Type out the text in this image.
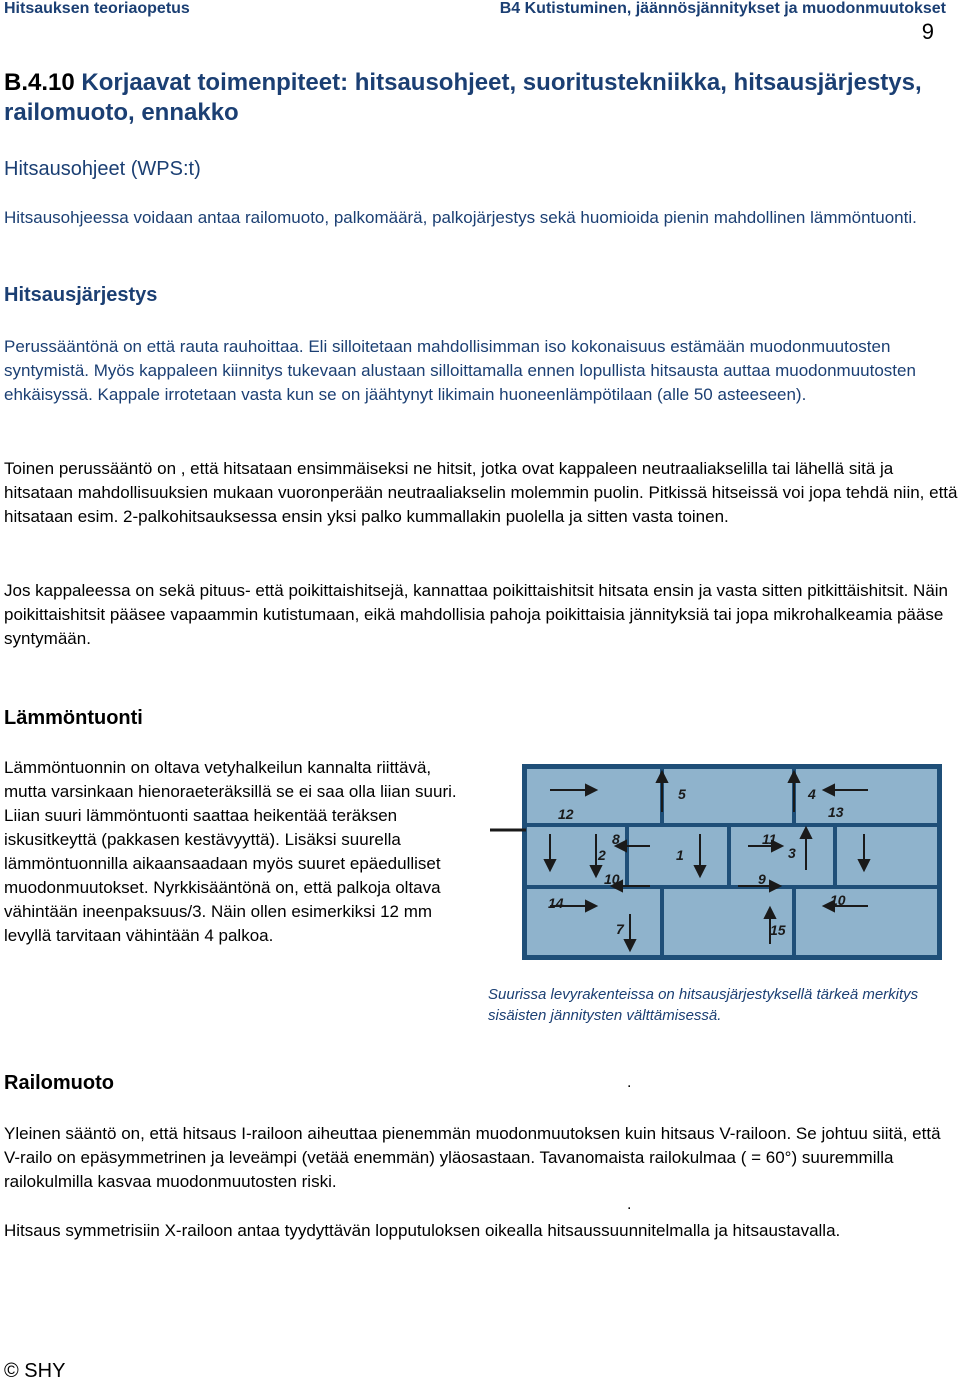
Hitsauksen teoriaopetus	B4 Kutistuminen, jäännösjännitykset ja muodonmuutokset
9
B.4.10 Korjaavat toimenpiteet: hitsausohjeet, suoritustekniikka, hitsausjärjestys, railomuoto, ennakko
Hitsausohjeet (WPS:t)
Hitsausohjeessa voidaan antaa railomuoto, palkomäärä, palkojärjestys sekä huomioida pienin mahdollinen lämmöntuonti.
Hitsausjärjestys
Perussääntönä on että rauta rauhoittaa. Eli silloitetaan mahdollisimman iso kokonaisuus estämään muodonmuutosten syntymistä. Myös kappaleen kiinnitys tukevaan alustaan silloittamalla ennen lopullista hitsausta auttaa muodonmuutosten ehkäisyssä. Kappale irrotetaan vasta kun se on jäähtynyt likimain huoneenlämpötilaan (alle 50 asteeseen).
Toinen perussääntö on , että hitsataan ensimmäiseksi ne hitsit, jotka ovat kappaleen neutraaliakselilla tai lähellä sitä ja hitsataan mahdollisuuksien mukaan vuoronperään neutraaliakselin molemmin puolin. Pitkissä hitseissä voi jopa tehdä niin, että hitsataan esim. 2-palkohitsauksessa ensin yksi palko kummallakin puolella ja sitten vasta toinen.
Jos kappaleessa on sekä pituus- että poikittaishitsejä, kannattaa poikittaishitsit hitsata ensin ja vasta sitten pitkittäishitsit. Näin poikittaishitsit pääsee vapaammin kutistumaan, eikä mahdollisia pahoja poikittaisia jännityksiä tai jopa mikrohalkeamia pääse syntymään.
Lämmöntuonti
Lämmöntuonnin on oltava vetyhalkeilun kannalta riittävä, mutta varsinkaan hienoraeteräksillä se ei saa olla liian suuri. Liian suuri lämmöntuonti saattaa heikentää teräksen iskusitkeyttä (pakkasen kestävyyttä). Lisäksi suurella lämmöntuonnilla aikaansaadaan myös suuret epäedulliset muodonmuutokset. Nyrkkisääntönä on, että palkoja oltava vähintään ineenpaksuus/3. Näin ollen esimerkiksi 12 mm levyllä tarvitaan vähintään 4 palkoa.
12
5	4
13
8	11
2	1	3
10	9
14	10
7	15
Suurissa levyrakenteissa on hitsausjärjestyksellä tärkeä merkitys sisäisten jännitysten välttämisessä.
Railomuoto	.
Yleinen sääntö on, että hitsaus I-railoon aiheuttaa pienemmän muodonmuutoksen kuin hitsaus V-railoon. Se johtuu siitä, että V-railo on epäsymmetrinen ja leveämpi (vetää enemmän) yläosastaan. Tavanomaista railokulmaa ( = 60°) suuremmilla railokulmilla kasvaa muodonmuutosten riski.
.
Hitsaus symmetrisiin X-railoon antaa tyydyttävän lopputuloksen oikealla hitsaussuunnitelmalla ja hitsaustavalla.
© SHY
